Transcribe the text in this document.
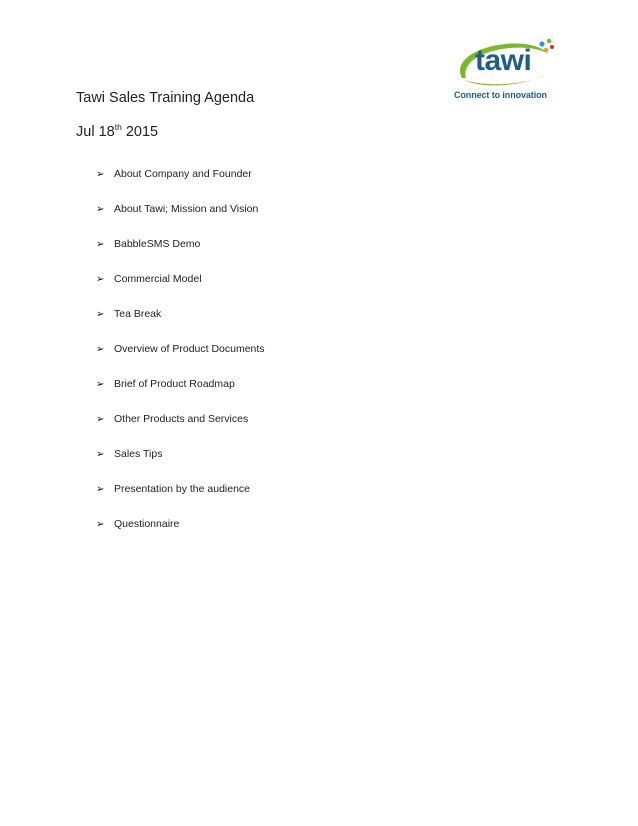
tawi
Connect to innovation
Tawi Sales Training Agenda
Jul 18th 2015
➢ About Company and Founder
➢ About Tawi; Mission and Vision
➢ BabbleSMS Demo
➢ Commercial Model
➢ Tea Break
➢ Overview of Product Documents
➢ Brief of Product Roadmap
➢ Other Products and Services
➢ Sales Tips
➢ Presentation by the audience
➢ Questionnaire
